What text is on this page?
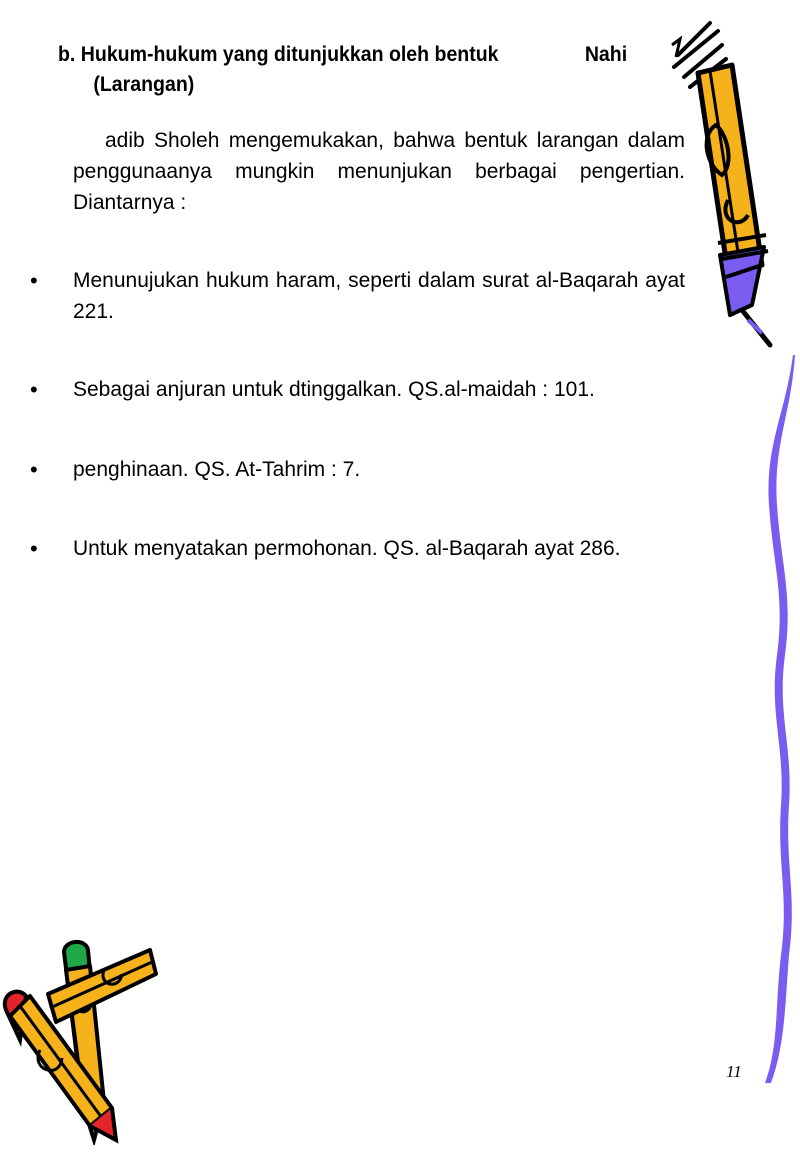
b. Hukum-hukum yang ditunjukkan oleh bentuk	Nahi
(Larangan)
adib Sholeh mengemukakan, bahwa bentuk larangan dalam penggunaanya mungkin menunjukan berbagai pengertian. Diantarnya :
• Menunujukan hukum haram, seperti dalam surat al-Baqarah ayat 221.
• Sebagai anjuran untuk dtinggalkan. QS.al-maidah : 101.
• penghinaan. QS. At-Tahrim : 7.
• Untuk menyatakan permohonan. QS. al-Baqarah ayat 286.
11
